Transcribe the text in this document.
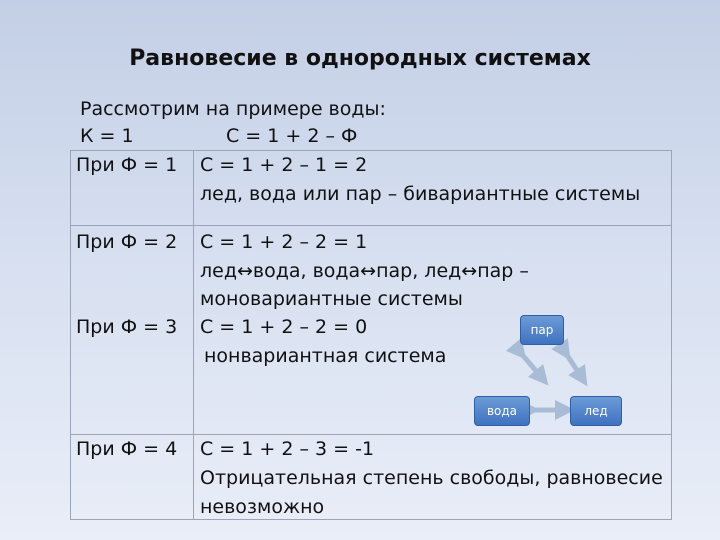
Равновесие в однородных системах
Рассмотрим на примере воды:
К = 1	С = 1 + 2 – Ф
При Ф = 1 С = 1 + 2 – 1 = 2
лед, вода или пар – бивариантные системы
При Ф = 2 С = 1 + 2 – 2 = 1
лед↔вода, вода↔пар, лед↔пар –
моновариантные системы
При Ф = 3 С = 1 + 2 – 2 = 0
нонвариантная система
При Ф = 4 С = 1 + 2 – 3 = -1
Отрицательная степень свободы, равновесие
невозможно
пар
вода	лед
